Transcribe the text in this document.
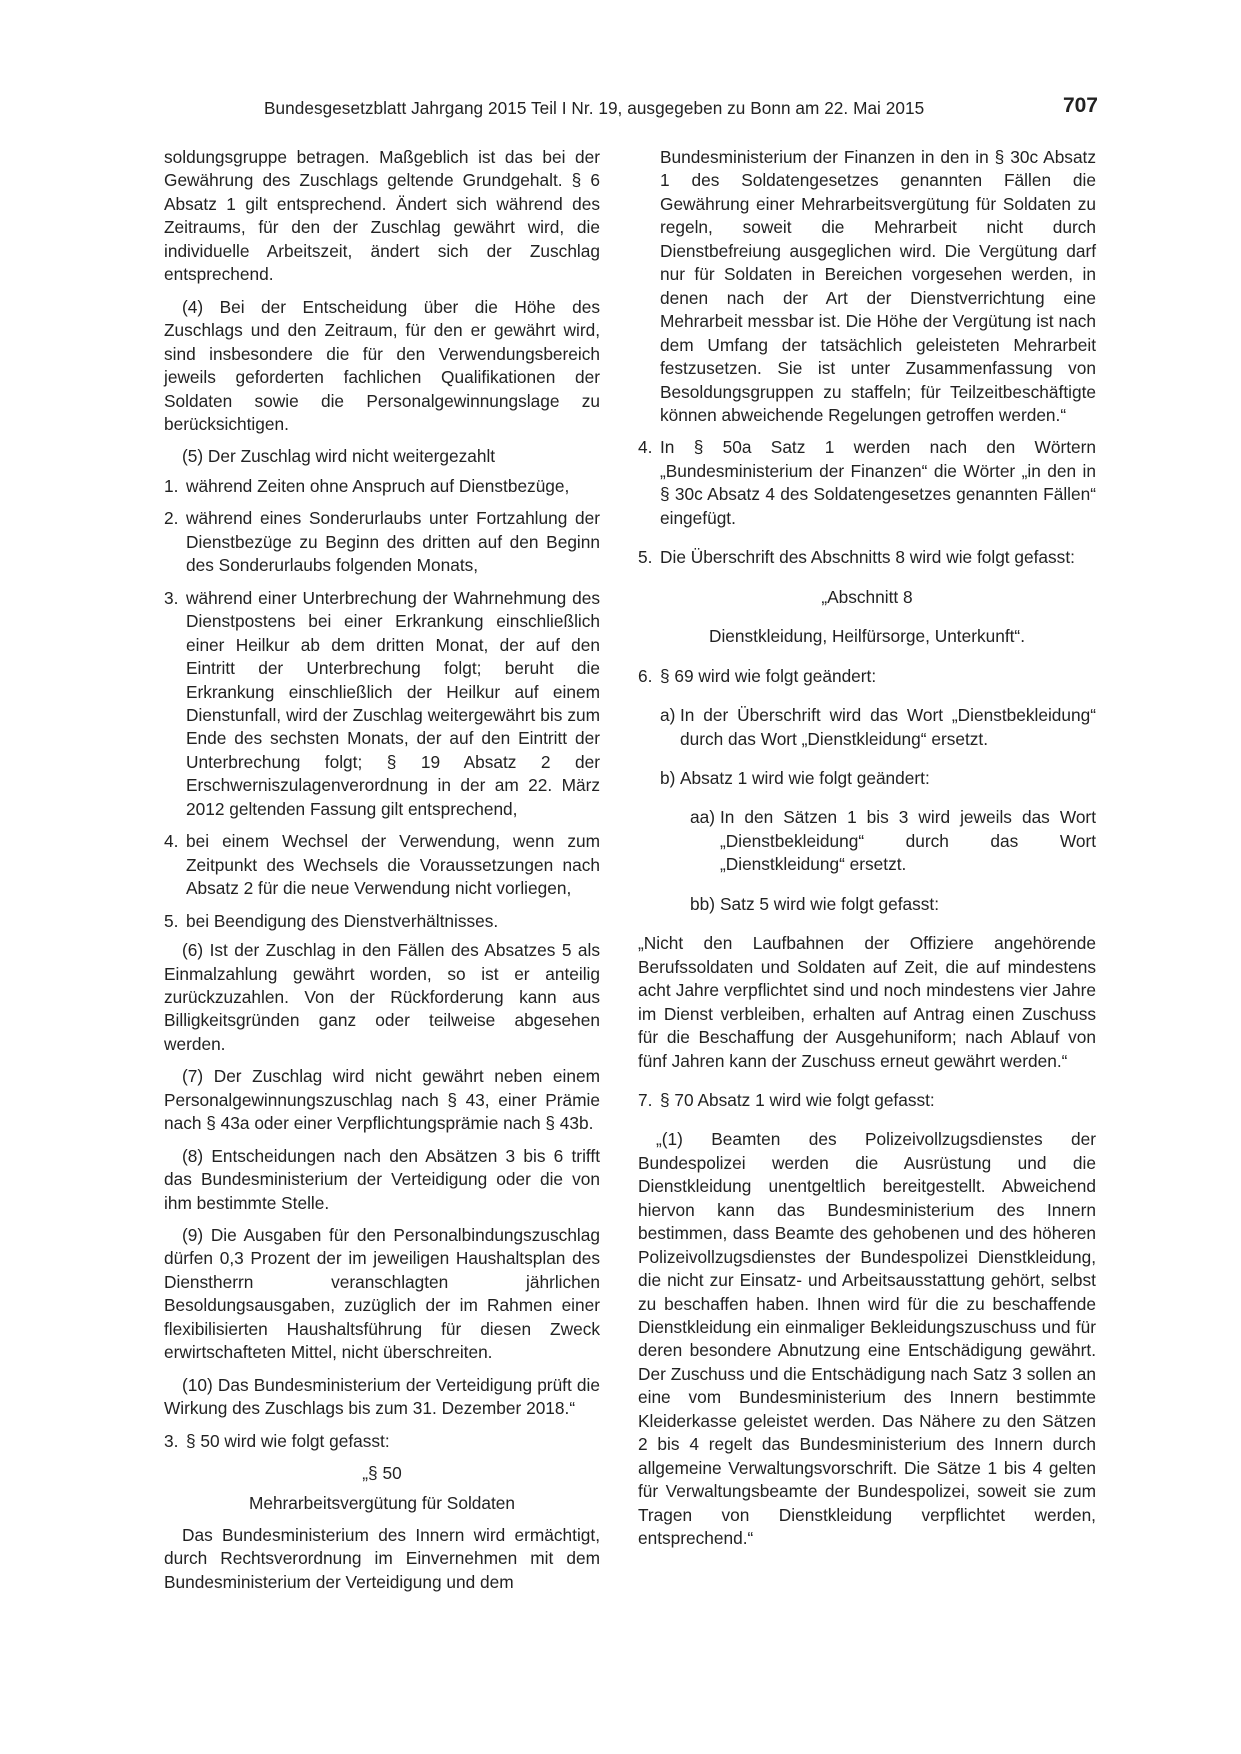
Bundesgesetzblatt Jahrgang 2015 Teil I Nr. 19, ausgegeben zu Bonn am 22. Mai 2015	707

soldungsgruppe betragen. Maßgeblich ist das bei der Gewährung des Zuschlags geltende Grundgehalt. § 6 Absatz 1 gilt entsprechend. Ändert sich während des Zeitraums, für den der Zuschlag gewährt wird, die individuelle Arbeitszeit, ändert sich der Zuschlag entsprechend.

(4) Bei der Entscheidung über die Höhe des Zuschlags und den Zeitraum, für den er gewährt wird, sind insbesondere die für den Verwendungsbereich jeweils geforderten fachlichen Qualifikationen der Soldaten sowie die Personalgewinnungslage zu berücksichtigen.

(5) Der Zuschlag wird nicht weitergezahlt

1. während Zeiten ohne Anspruch auf Dienstbezüge,
2. während eines Sonderurlaubs unter Fortzahlung der Dienstbezüge zu Beginn des dritten auf den Beginn des Sonderurlaubs folgenden Monats,
3. während einer Unterbrechung der Wahrnehmung des Dienstpostens bei einer Erkrankung einschließlich einer Heilkur ab dem dritten Monat, der auf den Eintritt der Unterbrechung folgt; beruht die Erkrankung einschließlich der Heilkur auf einem Dienstunfall, wird der Zuschlag weitergewährt bis zum Ende des sechsten Monats, der auf den Eintritt der Unterbrechung folgt; § 19 Absatz 2 der Erschwerniszulagenverordnung in der am 22. März 2012 geltenden Fassung gilt entsprechend,
4. bei einem Wechsel der Verwendung, wenn zum Zeitpunkt des Wechsels die Voraussetzungen nach Absatz 2 für die neue Verwendung nicht vorliegen,
5. bei Beendigung des Dienstverhältnisses.

(6) Ist der Zuschlag in den Fällen des Absatzes 5 als Einmalzahlung gewährt worden, so ist er anteilig zurückzuzahlen. Von der Rückforderung kann aus Billigkeitsgründen ganz oder teilweise abgesehen werden.

(7) Der Zuschlag wird nicht gewährt neben einem Personalgewinnungszuschlag nach § 43, einer Prämie nach § 43a oder einer Verpflichtungsprämie nach § 43b.

(8) Entscheidungen nach den Absätzen 3 bis 6 trifft das Bundesministerium der Verteidigung oder die von ihm bestimmte Stelle.

(9) Die Ausgaben für den Personalbindungszuschlag dürfen 0,3 Prozent der im jeweiligen Haushaltsplan des Dienstherrn veranschlagten jährlichen Besoldungsausgaben, zuzüglich der im Rahmen einer flexibilisierten Haushaltsführung für diesen Zweck erwirtschafteten Mittel, nicht überschreiten.

(10) Das Bundesministerium der Verteidigung prüft die Wirkung des Zuschlags bis zum 31. Dezember 2018.“

3. § 50 wird wie folgt gefasst:

„§ 50

Mehrarbeitsvergütung für Soldaten

Das Bundesministerium des Innern wird ermächtigt, durch Rechtsverordnung im Einvernehmen mit dem Bundesministerium der Verteidigung und dem

Bundesministerium der Finanzen in den in § 30c Absatz 1 des Soldatengesetzes genannten Fällen die Gewährung einer Mehrarbeitsvergütung für Soldaten zu regeln, soweit die Mehrarbeit nicht durch Dienstbefreiung ausgeglichen wird. Die Vergütung darf nur für Soldaten in Bereichen vorgesehen werden, in denen nach der Art der Dienstverrichtung eine Mehrarbeit messbar ist. Die Höhe der Vergütung ist nach dem Umfang der tatsächlich geleisteten Mehrarbeit festzusetzen. Sie ist unter Zusammenfassung von Besoldungsgruppen zu staffeln; für Teilzeitbeschäftigte können abweichende Regelungen getroffen werden.“

4. In § 50a Satz 1 werden nach den Wörtern „Bundesministerium der Finanzen“ die Wörter „in den in § 30c Absatz 4 des Soldatengesetzes genannten Fällen“ eingefügt.
5. Die Überschrift des Abschnitts 8 wird wie folgt gefasst:

„Abschnitt 8

Dienstkleidung, Heilfürsorge, Unterkunft“.

6. § 69 wird wie folgt geändert:
a) In der Überschrift wird das Wort „Dienstbekleidung“ durch das Wort „Dienstkleidung“ ersetzt.
b) Absatz 1 wird wie folgt geändert:
aa) In den Sätzen 1 bis 3 wird jeweils das Wort „Dienstbekleidung“ durch das Wort „Dienstkleidung“ ersetzt.
bb) Satz 5 wird wie folgt gefasst:

„Nicht den Laufbahnen der Offiziere angehörende Berufssoldaten und Soldaten auf Zeit, die auf mindestens acht Jahre verpflichtet sind und noch mindestens vier Jahre im Dienst verbleiben, erhalten auf Antrag einen Zuschuss für die Beschaffung der Ausgehuniform; nach Ablauf von fünf Jahren kann der Zuschuss erneut gewährt werden.“

7. § 70 Absatz 1 wird wie folgt gefasst:

„(1) Beamten des Polizeivollzugsdienstes der Bundespolizei werden die Ausrüstung und die Dienstkleidung unentgeltlich bereitgestellt. Abweichend hiervon kann das Bundesministerium des Innern bestimmen, dass Beamte des gehobenen und des höheren Polizeivollzugsdienstes der Bundespolizei Dienstkleidung, die nicht zur Einsatz- und Arbeitsausstattung gehört, selbst zu beschaffen haben. Ihnen wird für die zu beschaffende Dienstkleidung ein einmaliger Bekleidungszuschuss und für deren besondere Abnutzung eine Entschädigung gewährt. Der Zuschuss und die Entschädigung nach Satz 3 sollen an eine vom Bundesministerium des Innern bestimmte Kleiderkasse geleistet werden. Das Nähere zu den Sätzen 2 bis 4 regelt das Bundesministerium des Innern durch allgemeine Verwaltungsvorschrift. Die Sätze 1 bis 4 gelten für Verwaltungsbeamte der Bundespolizei, soweit sie zum Tragen von Dienstkleidung verpflichtet werden, entsprechend.“
